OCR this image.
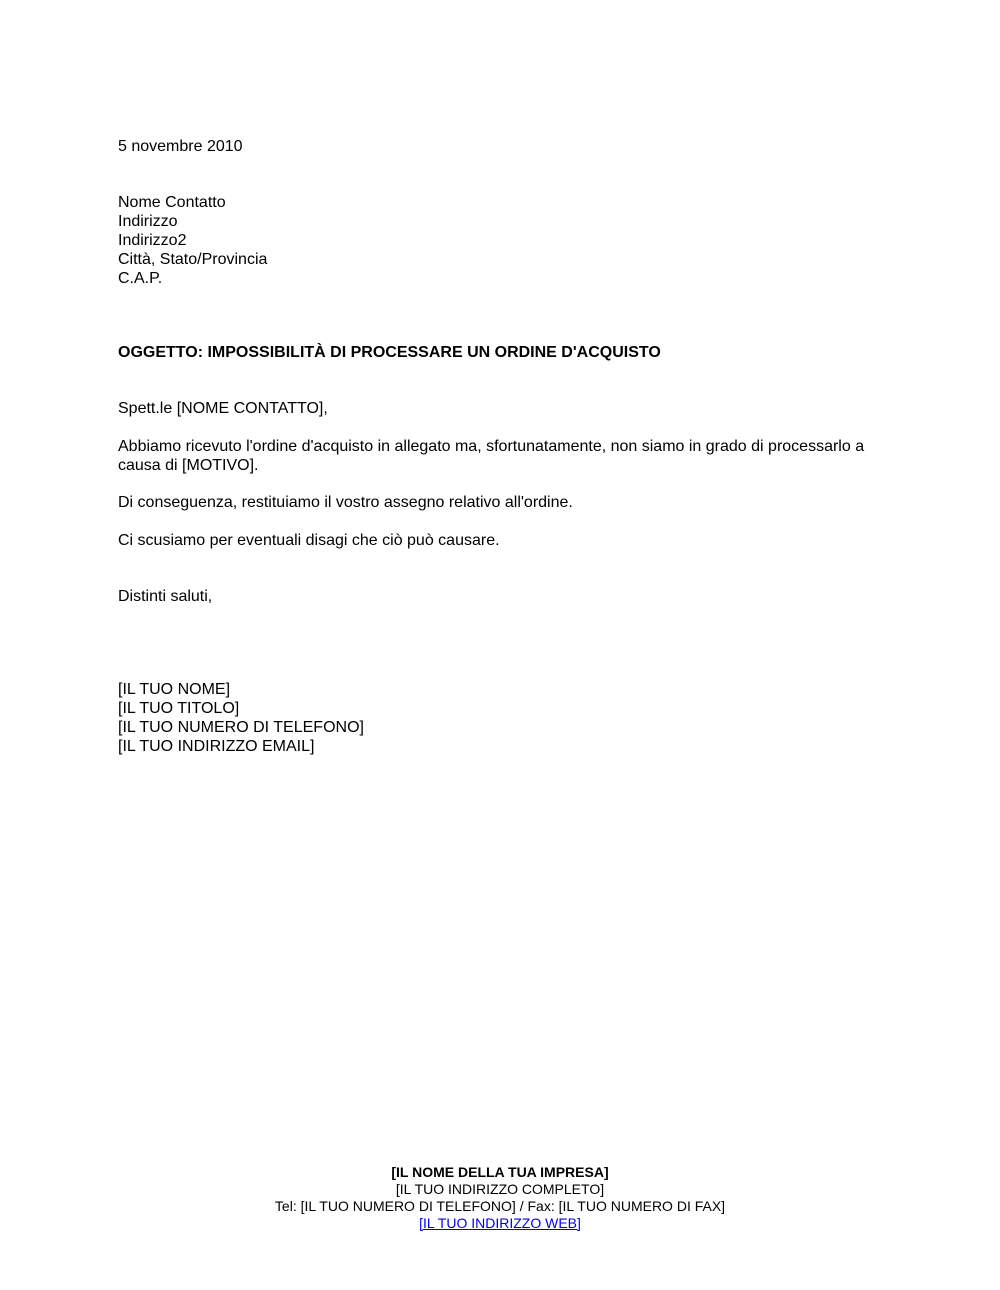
5 novembre 2010
Nome Contatto
Indirizzo
Indirizzo2
Città, Stato/Provincia
C.A.P.
OGGETTO: IMPOSSIBILITÀ DI PROCESSARE UN ORDINE D'ACQUISTO
Spett.le [NOME CONTATTO],
Abbiamo ricevuto l'ordine d'acquisto in allegato ma, sfortunatamente, non siamo in grado di processarlo a
causa di [MOTIVO].
Di conseguenza, restituiamo il vostro assegno relativo all'ordine.
Ci scusiamo per eventuali disagi che ciò può causare.
Distinti saluti,
[IL TUO NOME]
[IL TUO TITOLO]
[IL TUO NUMERO DI TELEFONO]
[IL TUO INDIRIZZO EMAIL]
[IL NOME DELLA TUA IMPRESA]
[IL TUO INDIRIZZO COMPLETO]
Tel: [IL TUO NUMERO DI TELEFONO] / Fax: [IL TUO NUMERO DI FAX]
[IL TUO INDIRIZZO WEB]
